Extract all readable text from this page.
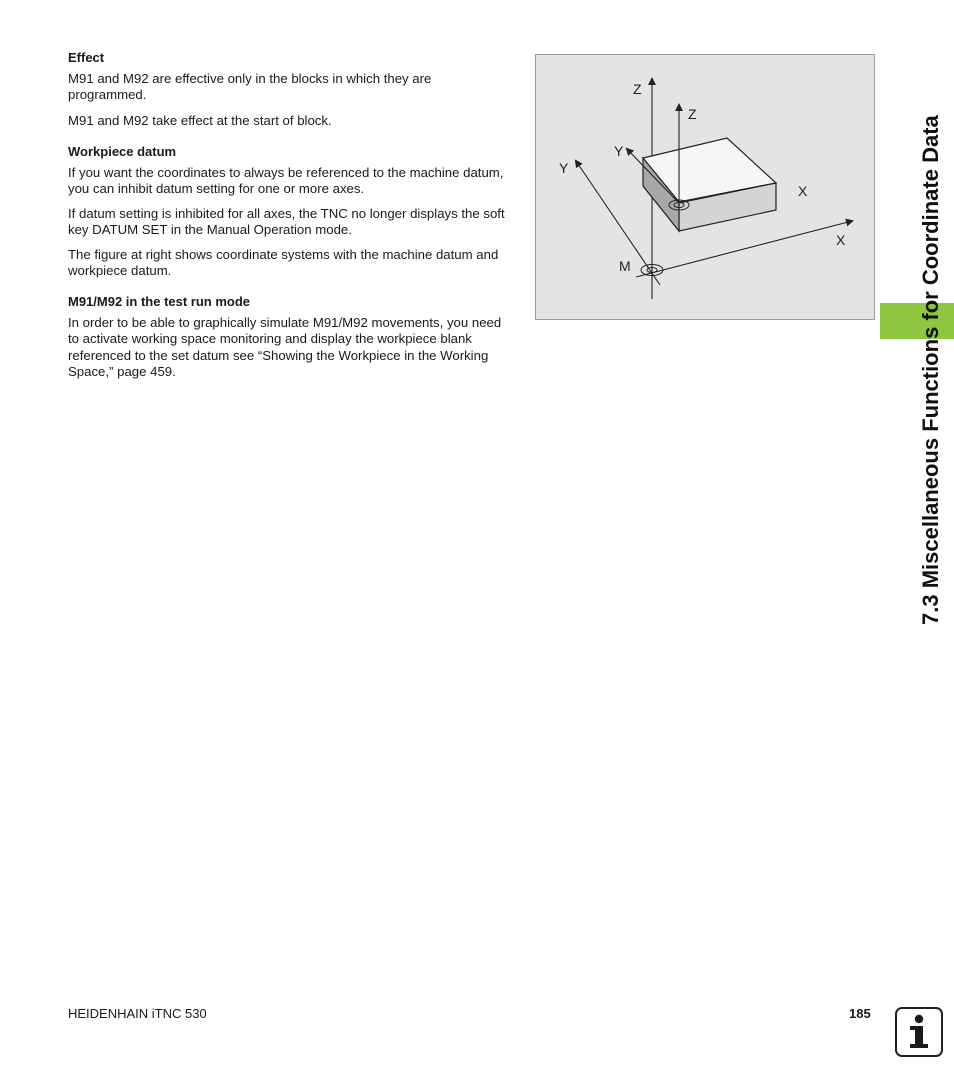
Effect

M91 and M92 are effective only in the blocks in which they are programmed.

M91 and M92 take effect at the start of block.

Workpiece datum

If you want the coordinates to always be referenced to the machine datum, you can inhibit datum setting for one or more axes.

If datum setting is inhibited for all axes, the TNC no longer displays the soft key DATUM SET in the Manual Operation mode.

The figure at right shows coordinate systems with the machine datum and workpiece datum.

M91/M92 in the test run mode

In order to be able to graphically simulate M91/M92 movements, you need to activate working space monitoring and display the workpiece blank referenced to the set datum see “Showing the Workpiece in the Working Space,” page 459.

Z
Y
X
M
Z
Y
X	7.3 Miscellaneous Functions for Coordinate Data
HEIDENHAIN iTNC 530	185
